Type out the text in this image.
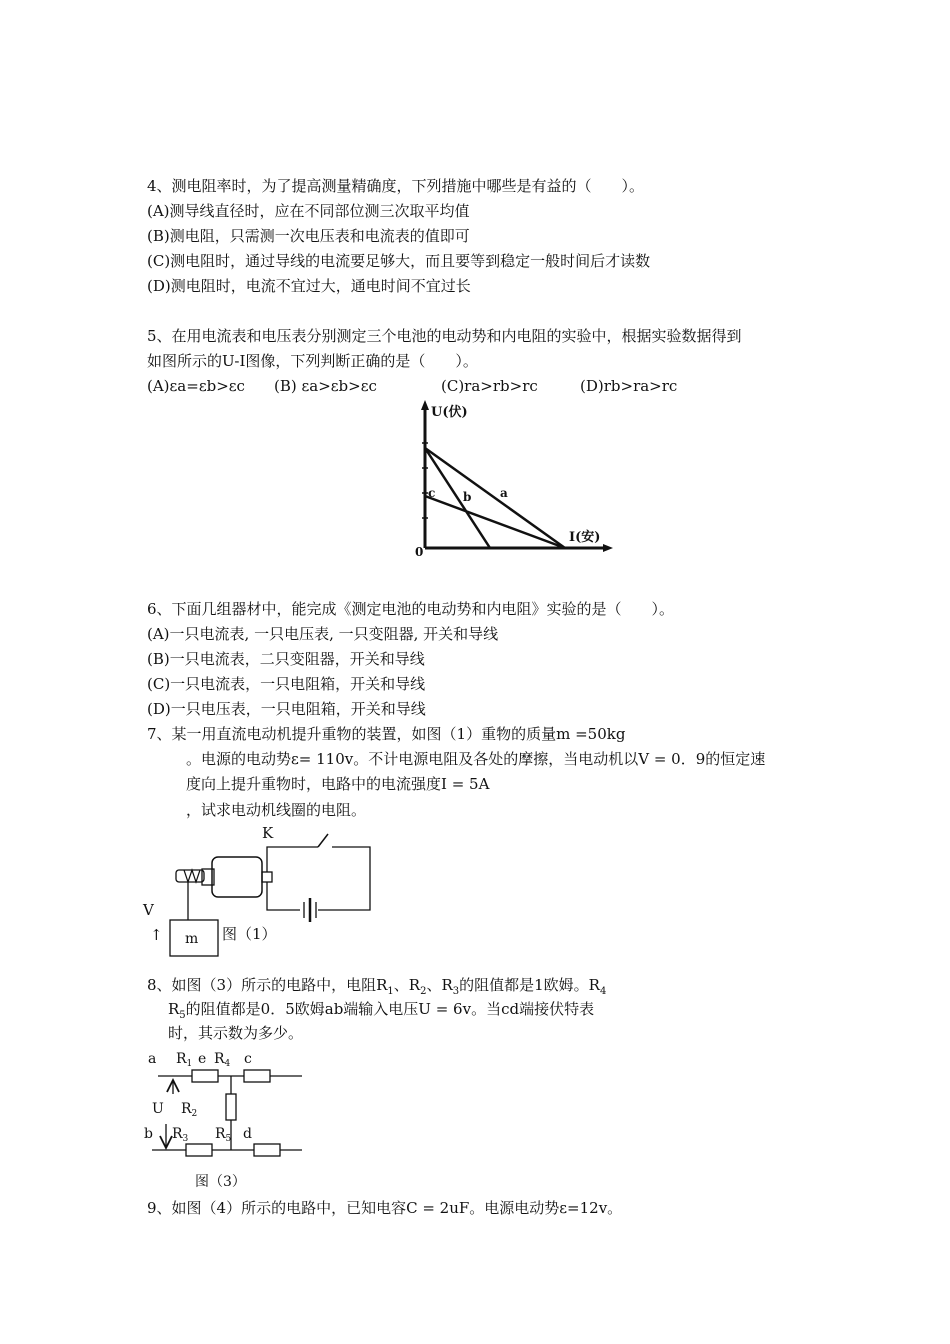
4、测电阻率时，为了提高测量精确度，下列措施中哪些是有益的（　　）。
(A)测导线直径时，应在不同部位测三次取平均值
(B)测电阻，只需测一次电压表和电流表的值即可
(C)测电阻时，通过导线的电流要足够大，而且要等到稳定一般时间后才读数
(D)测电阻时，电流不宜过大，通电时间不宜过长
5、在用电流表和电压表分别测定三个电池的电动势和内电阻的实验中，根据实验数据得到
如图所示的U-I图像，下列判断正确的是（　　）。
(A)εa=εb>εc (B) εa>εb>εc	(C)ra>rb>rc	(D)rb>ra>rc
U(伏)
I(安)
0
c b a
6、下面几组器材中，能完成《测定电池的电动势和内电阻》实验的是（　　）。
(A)一只电流表, 一只电压表, 一只变阻器, 开关和导线
(B)一只电流表，二只变阻器，开关和导线
(C)一只电流表，一只电阻箱，开关和导线
(D)一只电压表，一只电阻箱，开关和导线
7、某一用直流电动机提升重物的装置，如图（1）重物的质量m =50kg
。电源的电动势ε= 110v。不计电源电阻及各处的摩擦，当电动机以V = 0．9的恒定速
度向上提升重物时，电路中的电流强度I = 5A
，试求电动机线圈的电阻。
m
K
V
↑	图（1）
8、如图（3）所示的电路中，电阻$R_1$、$R_2$、$R_3$的阻值都是1欧姆。$R_4$
$R_5$的阻值都是0．5欧姆ab端输入电压U = 6v。当cd端接伏特表
时，其示数为多少。
a $R_1$ e $R_4$ c
U $R_2$
b $R_3$ $R_5$ d
图（3）
9、如图（4）所示的电路中，已知电容C = 2uF。电源电动势ε=12v。
